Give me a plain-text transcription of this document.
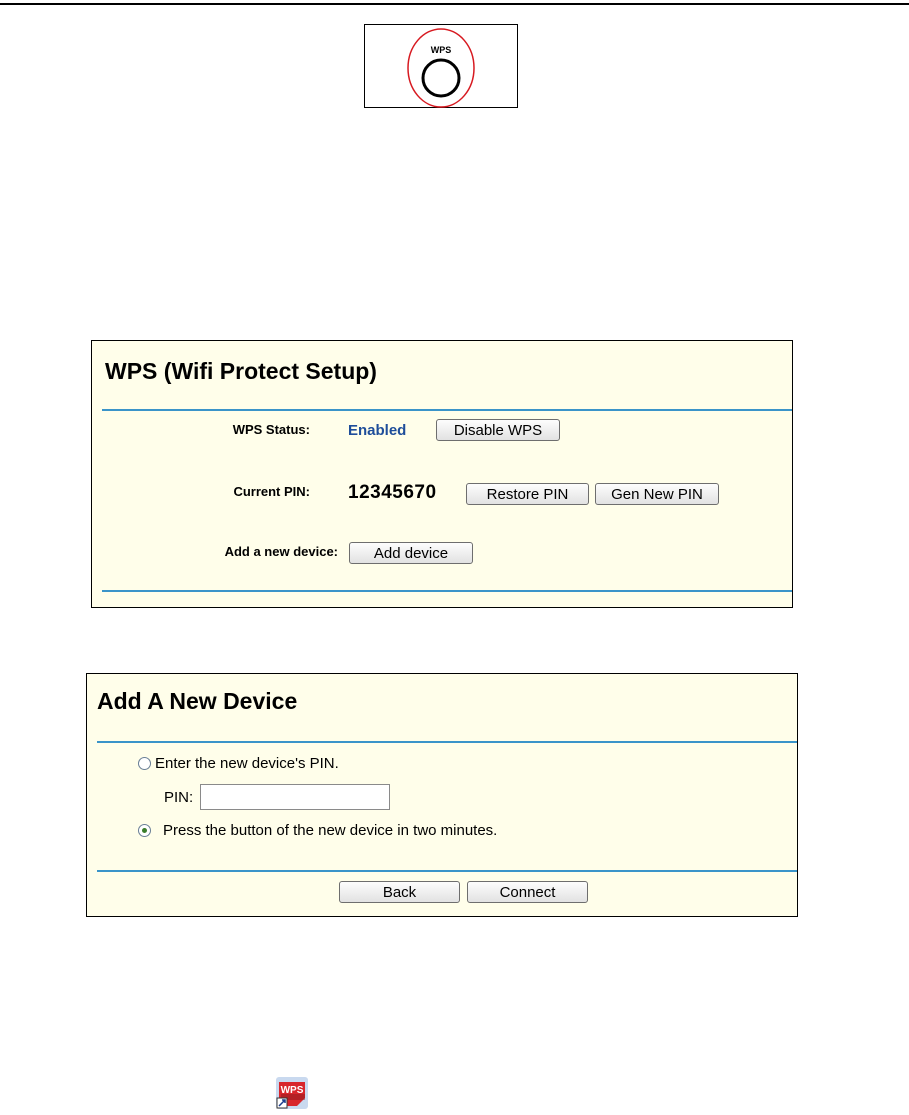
WPS
WPS (Wifi Protect Setup)
WPS Status:	Enabled	Disable WPS
Current PIN: 12345670	Restore PIN	Gen New PIN
Add a new device:	Add device
Add A New Device
Enter the new device's PIN.
PIN:
Press the button of the new device in two minutes.
Back	Connect
WPS
